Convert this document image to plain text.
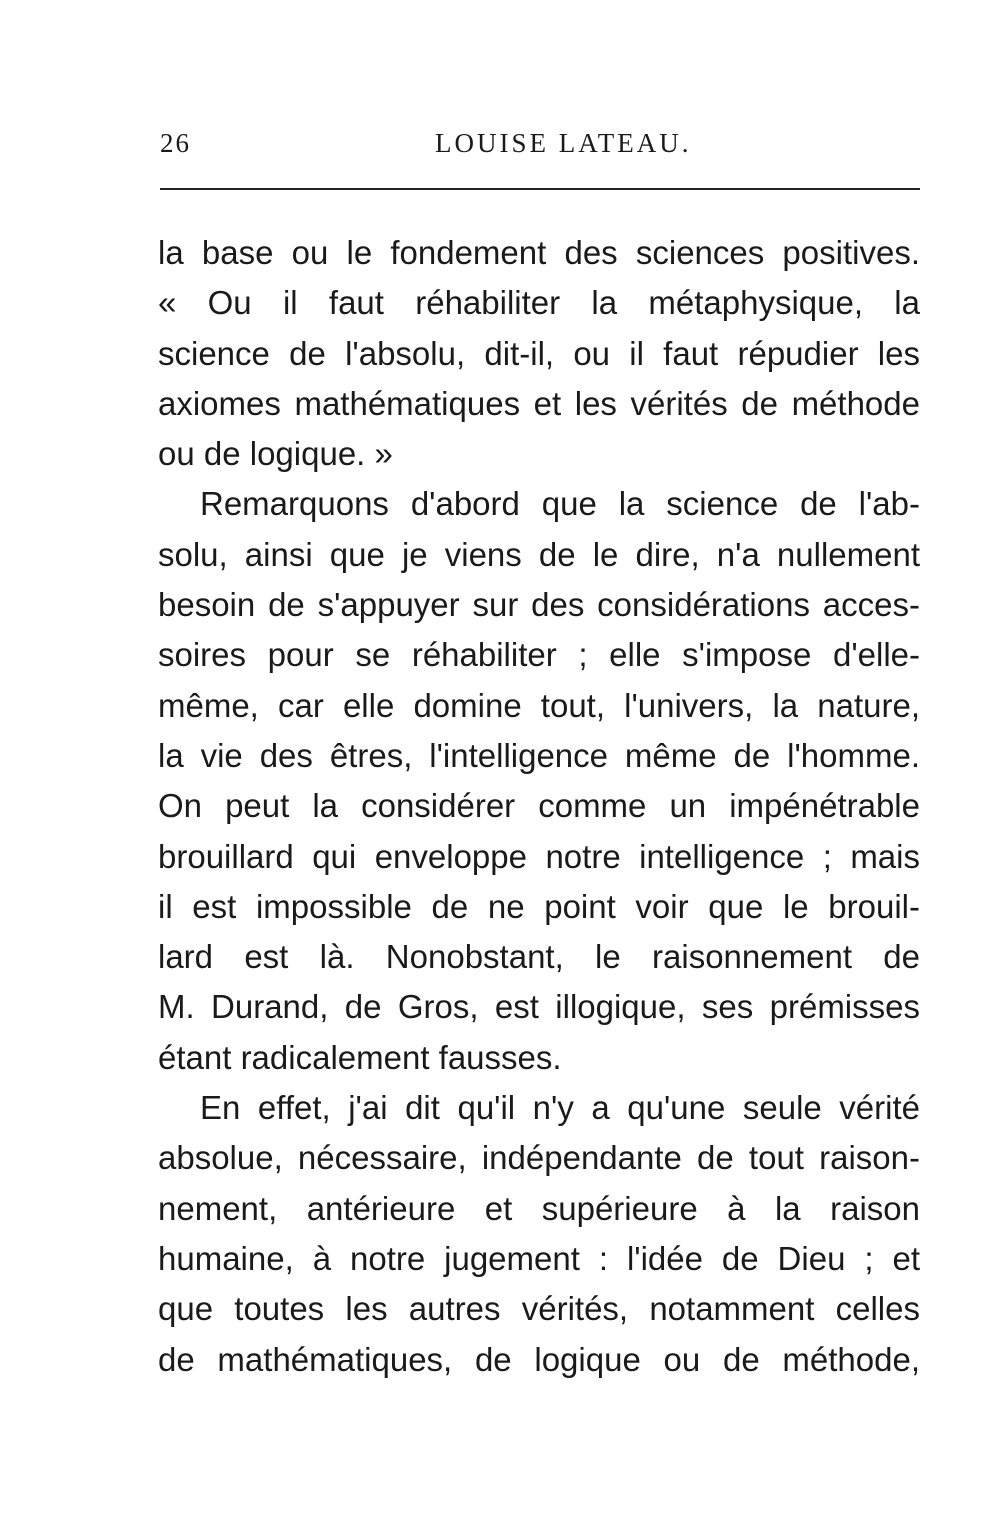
26	LOUISE LATEAU.
la base ou le fondement des sciences positives.
« Ou il faut réhabiliter la métaphysique, la
science de l'absolu, dit-il, ou il faut répudier les
axiomes mathématiques et les vérités de méthode
ou de logique. »
Remarquons d'abord que la science de l'ab-
solu, ainsi que je viens de le dire, n'a nullement
besoin de s'appuyer sur des considérations acces-
soires pour se réhabiliter ; elle s'impose d'elle-
même, car elle domine tout, l'univers, la nature,
la vie des êtres, l'intelligence même de l'homme.
On peut la considérer comme un impénétrable
brouillard qui enveloppe notre intelligence ; mais
il est impossible de ne point voir que le brouil-
lard est là. Nonobstant, le raisonnement de
M. Durand, de Gros, est illogique, ses prémisses
étant radicalement fausses.
En effet, j'ai dit qu'il n'y a qu'une seule vérité
absolue, nécessaire, indépendante de tout raison-
nement, antérieure et supérieure à la raison
humaine, à notre jugement : l'idée de Dieu ; et
que toutes les autres vérités, notamment celles
de mathématiques, de logique ou de méthode,
